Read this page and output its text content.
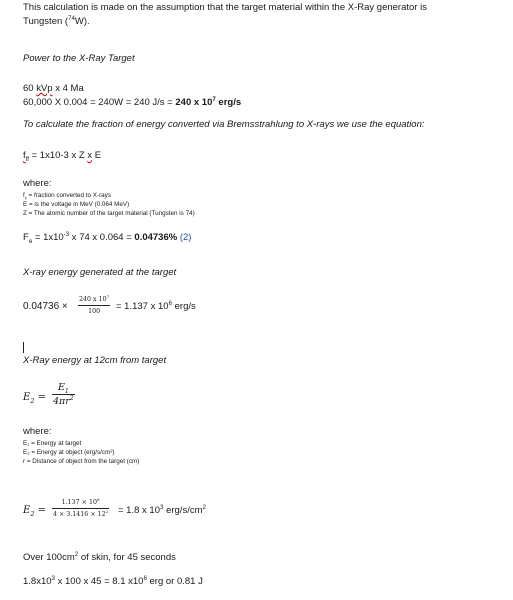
This calculation is made on the assumption that the target material within the X-Ray generator is
Tungsten ($^{74}$W).
Power to the X-Ray Target
60 kVp x 4 Ma
60,000 X 0.004 = 240W = 240 J/s = 240 x $10^7$ erg/s
To calculate the fraction of energy converted via Bremsstrahlung to X-rays we use the equation:
$f_{ff} = 1x10-3$ x Z x E
where:
$f_x$ = fraction converted to X-rays
E = is the voltage in MeV (0.064 MeV)
Z = The atomic number of the target material (Tungsten is 74)
$F_e = 1x10^{-3}$ x 74 x 0.064 = 0.04736% (2)
X-ray energy generated at the target
0.04736 ×
240 x $10^7$
100 = 1.137 x $10^6$ erg/s
X-Ray energy at 12cm from target
$E_2$ =
$E_1$
$4\pi r^2$
where:
E₁ = Energy at target
E₂ = Energy at object (erg/s/cm²)
r = Distance of object from the target (cm)
$E_2$ =
$1.137 \times 10^6$
$4 \times 3.1416 \times 12^2 = 1.8$ x $10^3$ erg/$s/cm^2$
Over $100cm^2$ of skin, for 45 seconds
$1.8x10^3$ x 100 x 45 = 8.1 $x10^6$ erg or 0.81 J
